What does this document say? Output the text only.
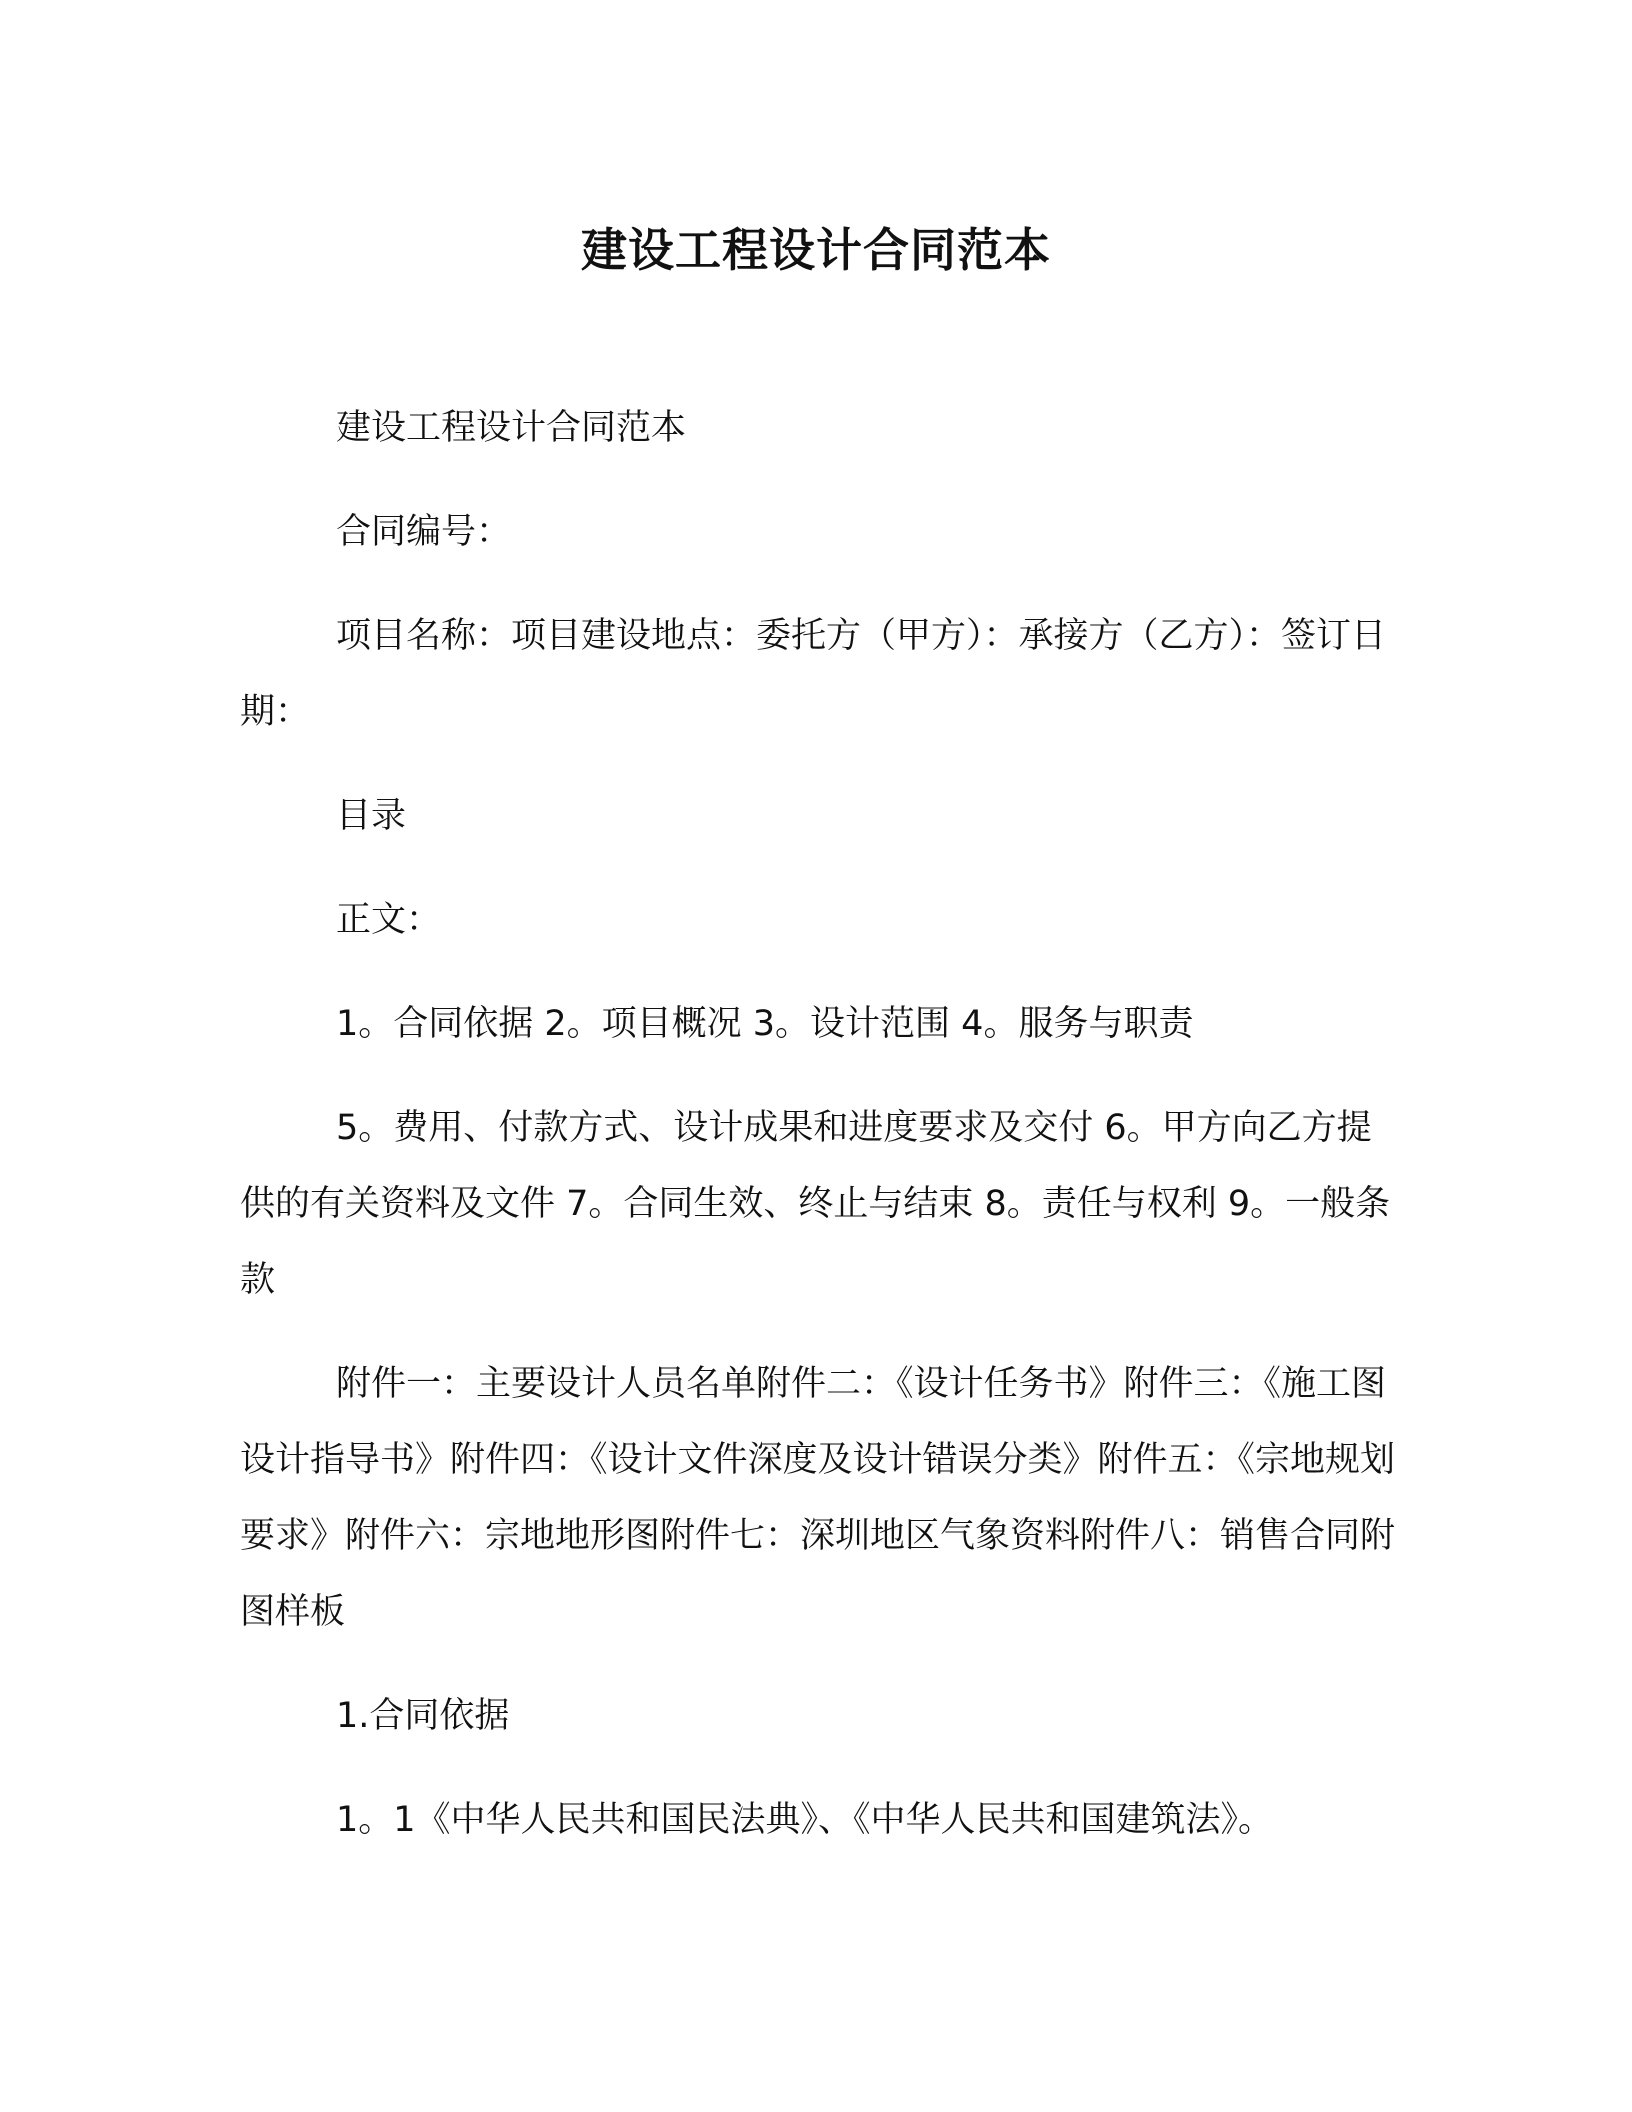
建设工程设计合同范本

建设工程设计合同范本

合同编号：

项目名称：项目建设地点：委托方（甲方）：承接方（乙方）：签订日期：

目录

正文：

1。合同依据 2。项目概况 3。设计范围 4。服务与职责

5。费用、付款方式、设计成果和进度要求及交付 6。甲方向乙方提供的有关资料及文件 7。合同生效、终止与结束 8。责任与权利 9。一般条款

附件一：主要设计人员名单附件二：《设计任务书》附件三：《施工图设计指导书》附件四：《设计文件深度及设计错误分类》附件五：《宗地规划要求》附件六：宗地地形图附件七：深圳地区气象资料附件八：销售合同附图样板

1.合同依据

1。1《中华人民共和国民法典》、《中华人民共和国建筑法》。
